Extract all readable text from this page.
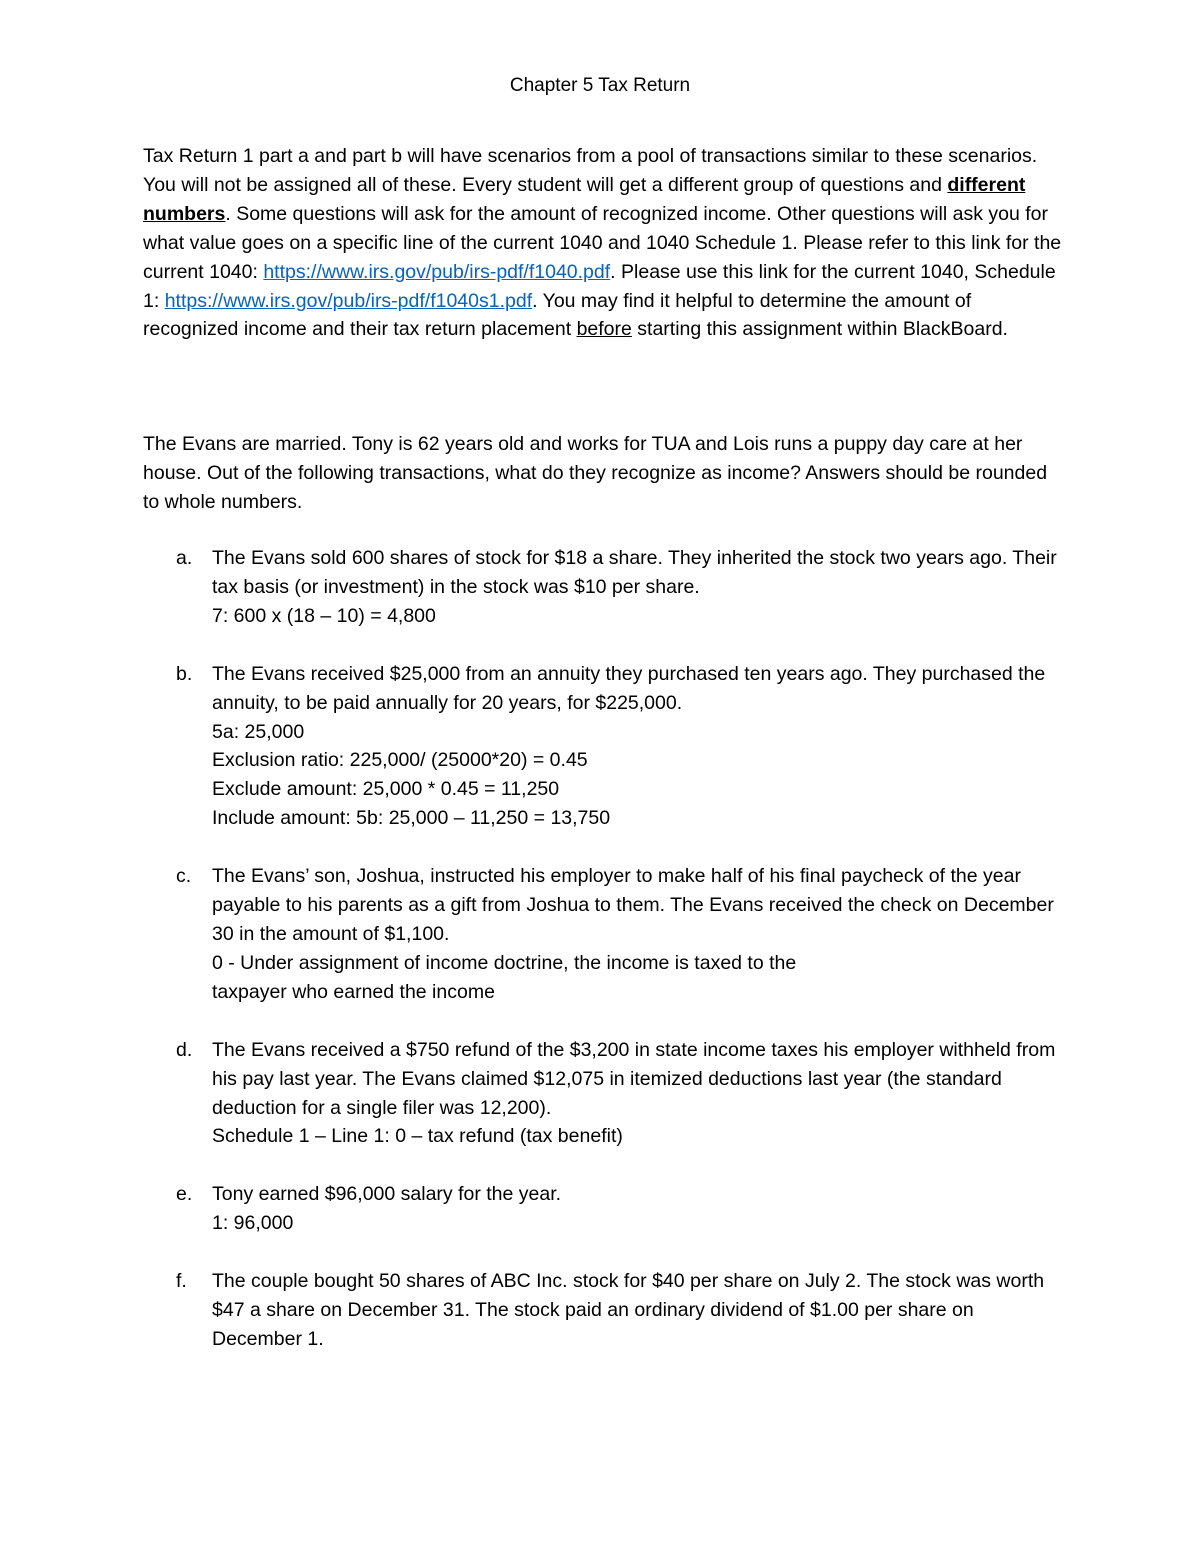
Chapter 5 Tax Return
Tax Return 1 part a and part b will have scenarios from a pool of transactions similar to these scenarios. You will not be assigned all of these. Every student will get a different group of questions and different numbers. Some questions will ask for the amount of recognized income. Other questions will ask you for what value goes on a specific line of the current 1040 and 1040 Schedule 1. Please refer to this link for the current 1040: https://www.irs.gov/pub/irs-pdf/f1040.pdf. Please use this link for the current 1040, Schedule 1: https://www.irs.gov/pub/irs-pdf/f1040s1.pdf. You may find it helpful to determine the amount of recognized income and their tax return placement before starting this assignment within BlackBoard.
The Evans are married. Tony is 62 years old and works for TUA and Lois runs a puppy day care at her house. Out of the following transactions, what do they recognize as income? Answers should be rounded to whole numbers.
a.	The Evans sold 600 shares of stock for $18 a share. They inherited the stock two years ago. Their tax basis (or investment) in the stock was $10 per share.
7: 600 x (18 – 10) = 4,800
b.	The Evans received $25,000 from an annuity they purchased ten years ago. They purchased the annuity, to be paid annually for 20 years, for $225,000.
5a: 25,000
Exclusion ratio: 225,000/ (25000*20) = 0.45
Exclude amount: 25,000 * 0.45 = 11,250
Include amount: 5b: 25,000 – 11,250 = 13,750
c.	The Evans’ son, Joshua, instructed his employer to make half of his final paycheck of the year payable to his parents as a gift from Joshua to them. The Evans received the check on December 30 in the amount of $1,100.
0 - Under assignment of income doctrine, the income is taxed to the
taxpayer who earned the income
d.	The Evans received a $750 refund of the $3,200 in state income taxes his employer withheld from his pay last year. The Evans claimed $12,075 in itemized deductions last year (the standard deduction for a single filer was 12,200).
Schedule 1 – Line 1: 0 – tax refund (tax benefit)
e.	Tony earned $96,000 salary for the year.
1: 96,000
f.	The couple bought 50 shares of ABC Inc. stock for $40 per share on July 2. The stock was worth $47 a share on December 31. The stock paid an ordinary dividend of $1.00 per share on December 1.
